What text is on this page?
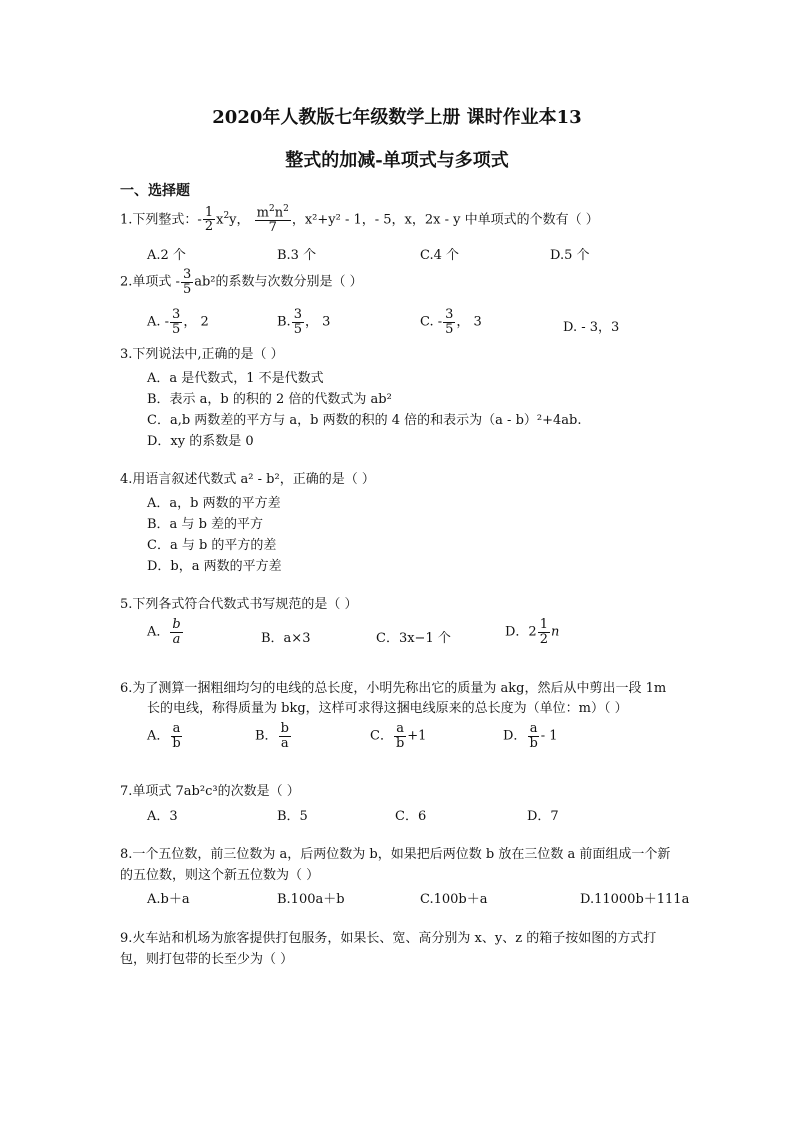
2020年人教版七年级数学上册 课时作业本13
整式的加减-单项式与多项式
一、选择题
1.下列整式：- $\frac{1}{2} x^2y$， $\frac{m^2n^2}{7}$ ，x²+y² - 1，- 5，x，2x - y 中单项式的个数有（ ）
A.2 个	B.3 个	C.4 个	D.5 个
2.单项式 - $\frac{3}{5} ab^2$的系数与次数分别是（ ）
A. - $\frac{3}{5}$ ， 2	B. $\frac{3}{5}$ ， 3	C. - $\frac{3}{5}$ ， 3	D. - 3，3
3.下列说法中,正确的是（ ）
A．a 是代数式，1 不是代数式
B．表示 a，b 的积的 2 倍的代数式为 ab²
C．a,b 两数差的平方与 a，b 两数的积的 4 倍的和表示为（a - b）²+4ab.
D．xy 的系数是 0
4.用语言叙述代数式 a² - b²，正确的是（ ）
A．a，b 两数的平方差
B．a 与 b 差的平方
C．a 与 b 的平方的差
D．b，a 两数的平方差
5.下列各式符合代数式书写规范的是（ ）
A． $\frac{b}{a}$	B．a×3	C．3x−1 个	D．$2 \frac{1}{2}$ n
6.为了测算一捆粗细均匀的电线的总长度，小明先称出它的质量为 akg，然后从中剪出一段 1m
长的电线，称得质量为 bkg，这样可求得这捆电线原来的总长度为（单位：m）（ ）
A． $\frac{a}{b}$	B． $\frac{b}{a}$	C． $\frac{a}{b} +1$	D． $\frac{a}{b} - 1$
7.单项式 7ab²c³的次数是（ ）
A．3	B．5	C．6	D．7
8.一个五位数，前三位数为 a，后两位数为 b，如果把后两位数 b 放在三位数 a 前面组成一个新
的五位数，则这个新五位数为（ ）
A.b＋a	B.100a＋b	C.100b＋a	D.11000b＋111a
9.火车站和机场为旅客提供打包服务，如果长、宽、高分别为 x、y、z 的箱子按如图的方式打
包，则打包带的长至少为（ ）
